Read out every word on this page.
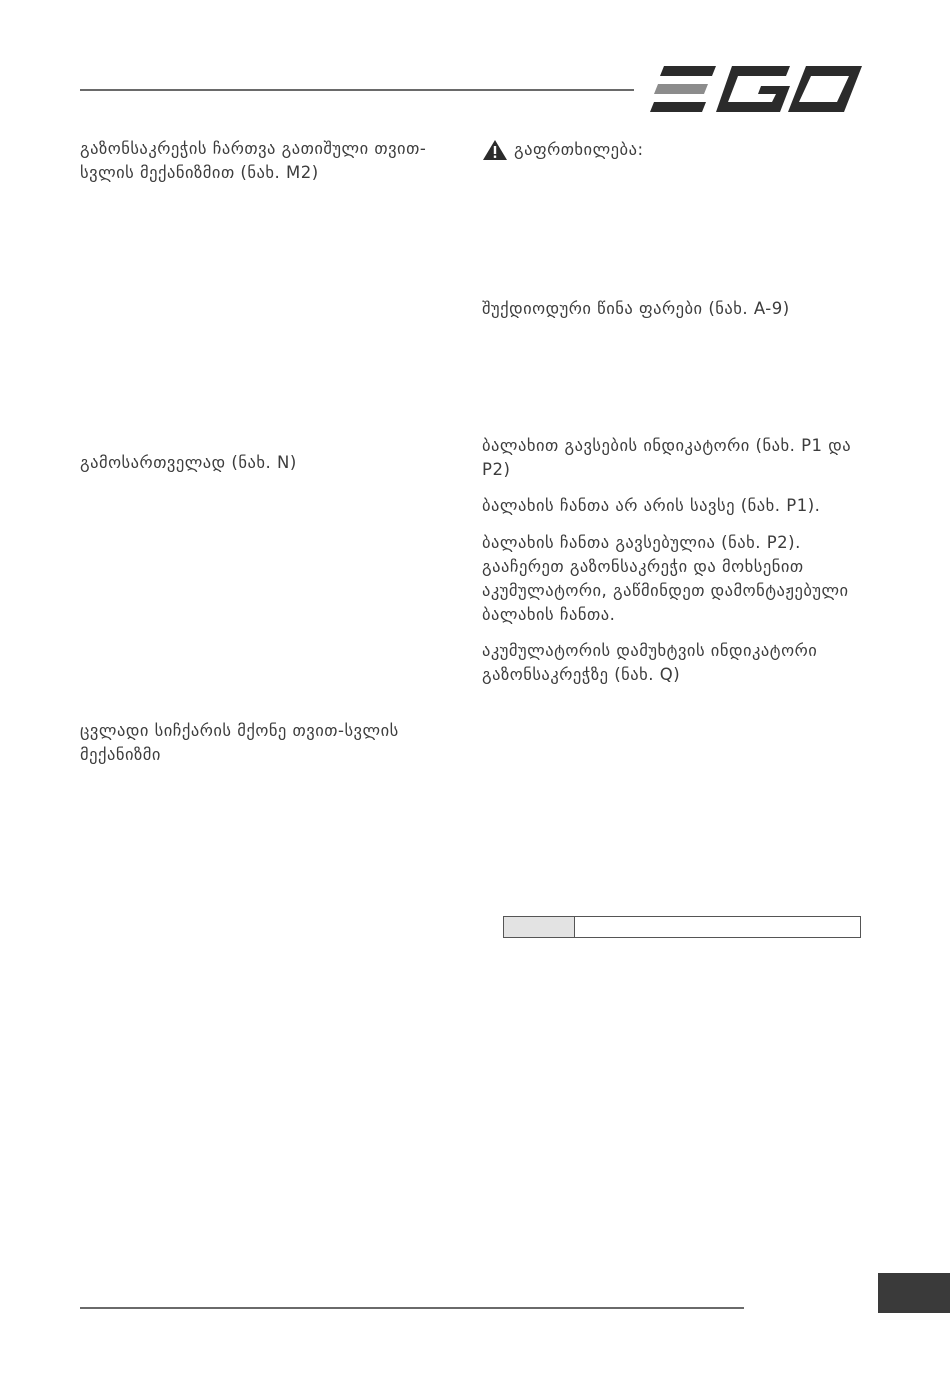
გაზონსაკრეჭის ჩართვა გათიშული თვით-სვლის მექანიზმით (ნახ. M2)
გამოსართველად (ნახ. N)
ცვლადი სიჩქარის მქონე თვით-სვლის მექანიზმი
გაფრთხილება:
შუქდიოდური წინა ფარები (ნახ. A-9)
ბალახით გავსების ინდიკატორი (ნახ. P1 და P2)
ბალახის ჩანთა არ არის სავსე (ნახ. P1).
ბალახის ჩანთა გავსებულია (ნახ. P2). გააჩერეთ გაზონსაკრეჭი და მოხსენით აკუმულატორი, გაწმინდეთ დამონტაჟებული ბალახის ჩანთა.
აკუმულატორის დამუხტვის ინდიკატორი გაზონსაკრეჭზე (ნახ. Q)
